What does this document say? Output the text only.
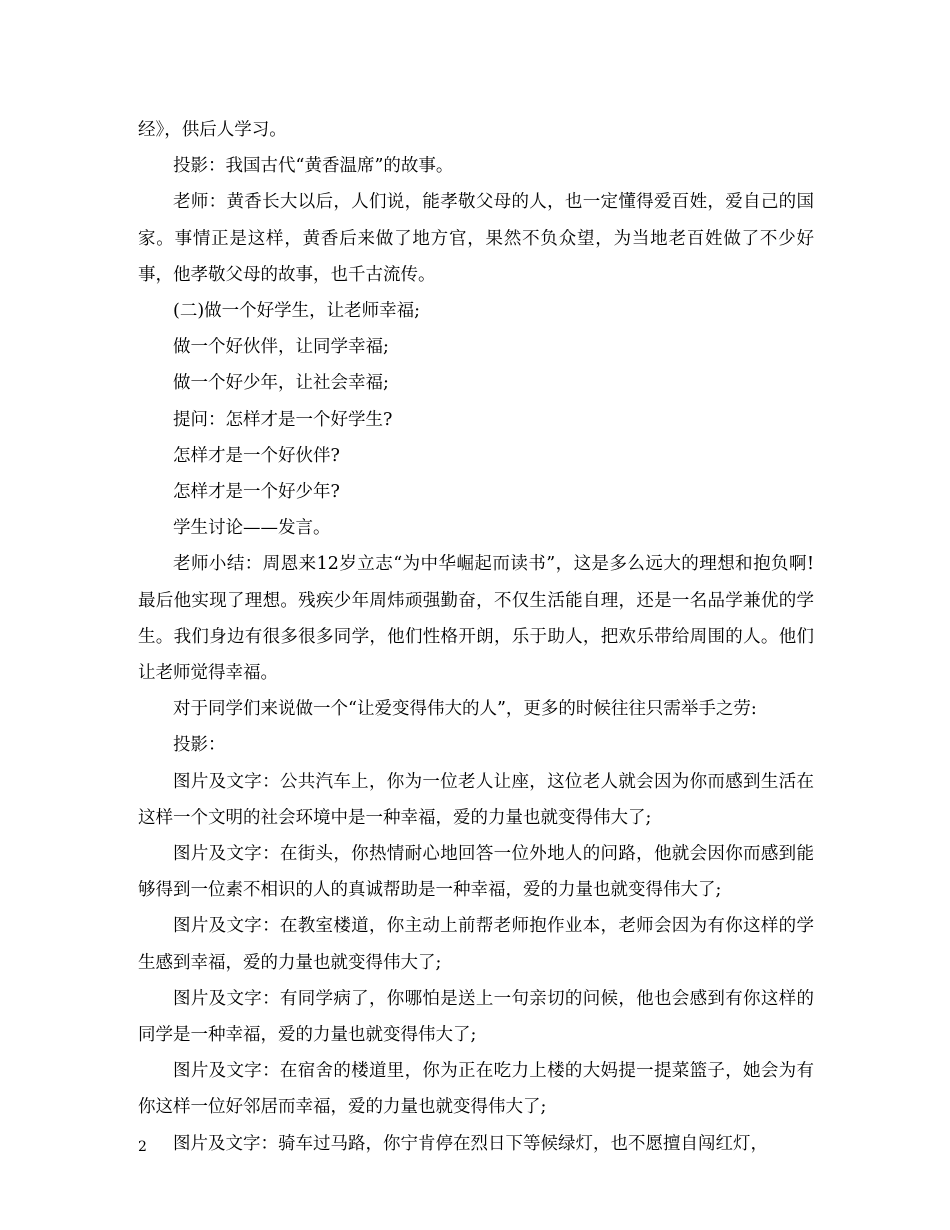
经》，供后人学习。

投影：我国古代“黄香温席”的故事。

老师：黄香长大以后，人们说，能孝敬父母的人，也一定懂得爱百姓，爱自己的国家。事情正是这样，黄香后来做了地方官，果然不负众望，为当地老百姓做了不少好事，他孝敬父母的故事，也千古流传。

(二)做一个好学生，让老师幸福;

做一个好伙伴，让同学幸福;

做一个好少年，让社会幸福;

提问：怎样才是一个好学生?

怎样才是一个好伙伴?

怎样才是一个好少年?

学生讨论——发言。

老师小结：周恩来12岁立志“为中华崛起而读书”，这是多么远大的理想和抱负啊!最后他实现了理想。残疾少年周炜顽强勤奋，不仅生活能自理，还是一名品学兼优的学生。我们身边有很多很多同学，他们性格开朗，乐于助人，把欢乐带给周围的人。他们让老师觉得幸福。

对于同学们来说做一个“让爱变得伟大的人”，更多的时候往往只需举手之劳:

投影：

图片及文字：公共汽车上，你为一位老人让座，这位老人就会因为你而感到生活在这样一个文明的社会环境中是一种幸福，爱的力量也就变得伟大了;

图片及文字：在街头，你热情耐心地回答一位外地人的问路，他就会因你而感到能够得到一位素不相识的人的真诚帮助是一种幸福，爱的力量也就变得伟大了;

图片及文字：在教室楼道，你主动上前帮老师抱作业本，老师会因为有你这样的学生感到幸福，爱的力量也就变得伟大了;

图片及文字：有同学病了，你哪怕是送上一句亲切的问候，他也会感到有你这样的同学是一种幸福，爱的力量也就变得伟大了;

图片及文字：在宿舍的楼道里，你为正在吃力上楼的大妈提一提菜篮子，她会为有你这样一位好邻居而幸福，爱的力量也就变得伟大了;

图片及文字：骑车过马路，你宁肯停在烈日下等候绿灯，也不愿擅自闯红灯，

2
